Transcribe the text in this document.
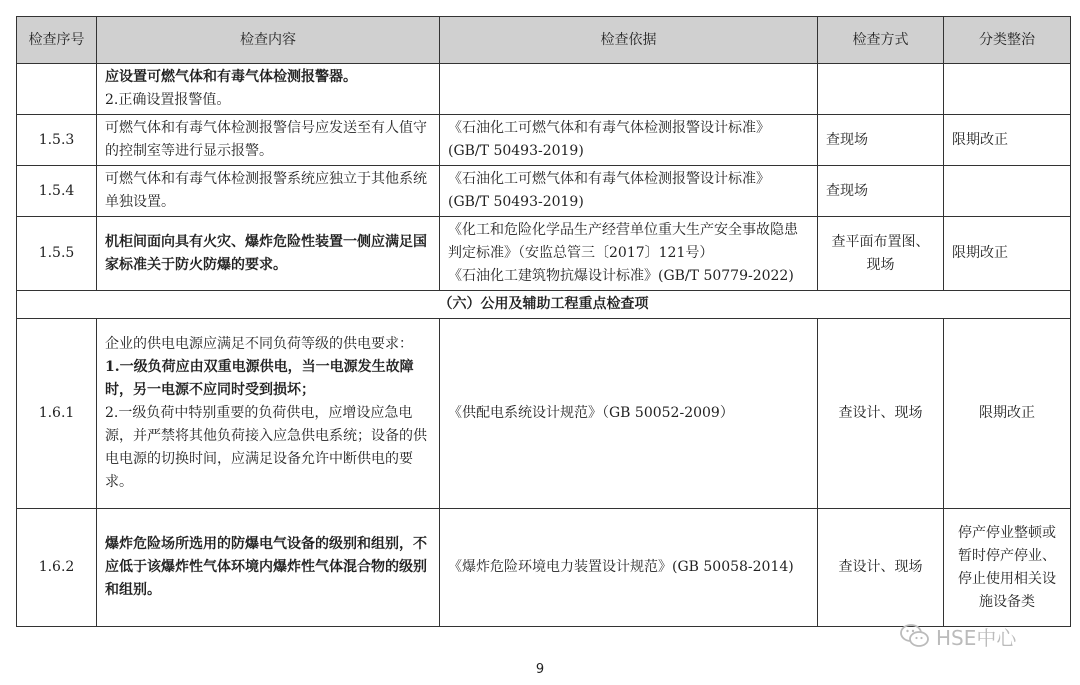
检查序号	检查内容	检查依据	检查方式	分类整治

	应设置可燃气体和有毒气体检测报警器。
2.正确设置报警值。			

1.5.3	可燃气体和有毒气体检测报警信号应发送至有人值守的控制室等进行显示报警。	《石油化工可燃气体和有毒气体检测报警设计标准》(GB/T 50493-2019)	查现场	限期改正
1.5.4	可燃气体和有毒气体检测报警系统应独立于其他系统单独设置。	《石油化工可燃气体和有毒气体检测报警设计标准》(GB/T 50493-2019)	查现场	
1.5.5	机柜间面向具有火灾、爆炸危险性装置一侧应满足国家标准关于防火防爆的要求。	《化工和危险化学品生产经营单位重大生产安全事故隐患判定标准》（安监总管三〔2017〕121号）
《石油化工建筑物抗爆设计标准》(GB/T 50779-2022)	查平面布置图、现场	限期改正
（六）公用及辅助工程重点检查项				
1.6.1	企业的供电电源应满足不同负荷等级的供电要求：
1.一级负荷应由双重电源供电，当一电源发生故障时，另一电源不应同时受到损坏；
2.一级负荷中特别重要的负荷供电，应增设应急电源，并严禁将其他负荷接入应急供电系统；设备的供电电源的切换时间，应满足设备允许中断供电的要求。	《供配电系统设计规范》（GB 50052-2009）	查设计、现场	限期改正
1.6.2	爆炸危险场所选用的防爆电气设备的级别和组别，不应低于该爆炸性气体环境内爆炸性气体混合物的级别和组别。	《爆炸危险环境电力装置设计规范》(GB 50058-2014)	查设计、现场	停产停业整顿或暂时停产停业、停止使用相关设施设备类
HSE中心
9
